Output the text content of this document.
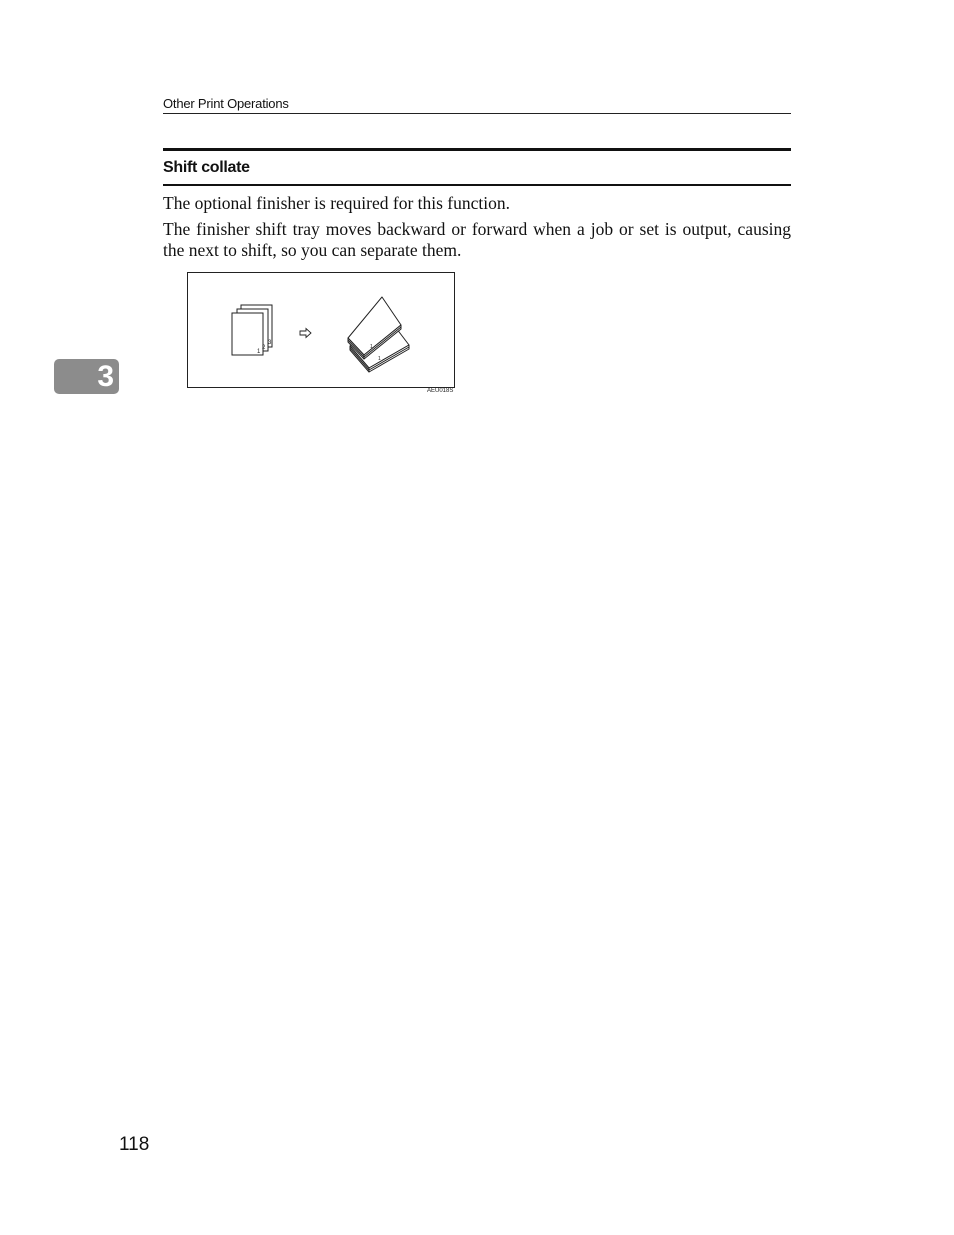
Other Print Operations
Shift collate

The optional finisher is required for this function.

The finisher shift tray moves backward or forward when a job or set is output, causing the next to shift, so you can separate them.

3
2
1
1
1
AEU018S
3
118
